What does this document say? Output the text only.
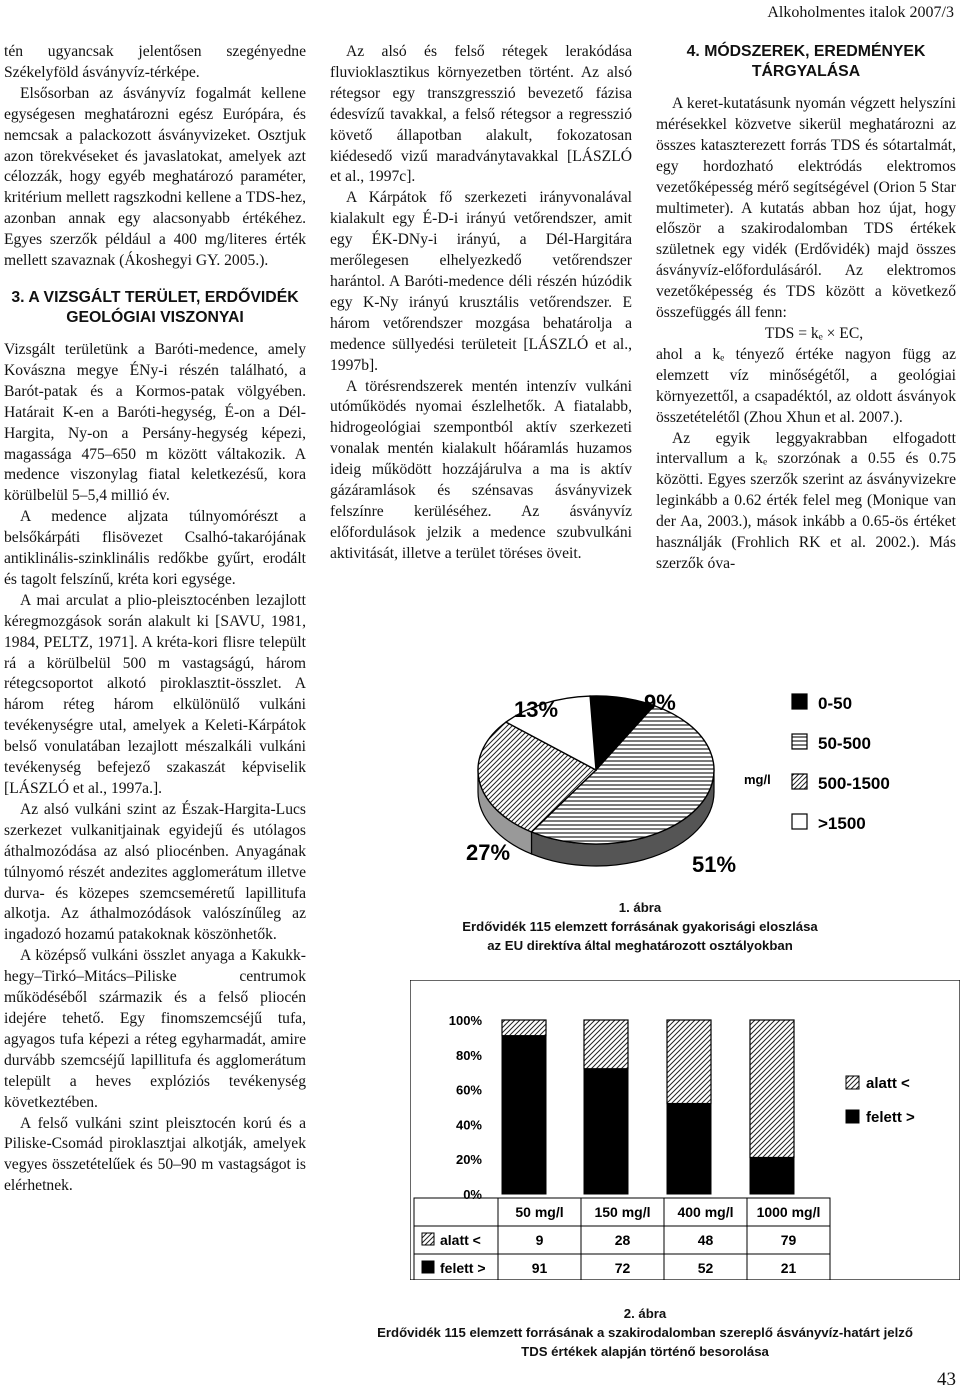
Alkoholmentes italok 2007/3

tén ugyancsak jelentősen szegényedne Székelyföld ásványvíz-térképe.

Elsősorban az ásványvíz fogalmát kellene egységesen meghatározni egész Európára, és nemcsak a palackozott ásványvizeket. Osztjuk azon törekvéseket és javaslatokat, amelyek azt célozzák, hogy egyéb meghatározó paraméter, kritérium mellett ragszkodni kellene a TDS-hez, azonban annak egy alacsonyabb értékéhez. Egyes szerzők például a 400 mg/literes érték mellett szavaznak (Ákoshegyi GY. 2005.).

3. A VIZSGÁLT TERÜLET, ERDŐVIDÉK GEOLÓGIAI VISZONYAI

Vizsgált területünk a Baróti-medence, amely Kovászna megye ÉNy-i részén található, a Barót-patak és a Kormos-patak völgyében. Határait K-en a Baróti-hegység, É-on a Dél-Hargita, Ny-on a Persány-hegység képezi, magassága 475–650 m között váltakozik. A medence viszonylag fiatal keletkezésű, kora körülbelül 5–5,4 millió év.

A medence aljzata túlnyomórészt a belsőkárpáti flisövezet Csalhó-takarójának antiklinális-szinklinális redőkbe gyűrt, erodált és tagolt felszínű, kréta kori egysége.

A mai arculat a plio-pleisztocénben lezajlott kéregmozgások során alakult ki [SAVU, 1981, 1984, PELTZ, 1971]. A kréta-kori flisre települt rá a körülbelül 500 m vastagságú, három rétegcsoportot alkotó piroklasztit-összlet. A három réteg három elkülönülő vulkáni tevékenységre utal, amelyek a Keleti-Kárpátok belső vonulatában lezajlott mészalkáli vulkáni tevékenység befejező szakaszát képviselik [LÁSZLÓ et al., 1997a.].

Az alsó vulkáni szint az Észak-Hargita-Lucs szerkezet vulkanitjainak egyidejű és utólagos áthalmozódása az alsó pliocénben. Anyagának túlnyomó részét andezites agglomerátum illetve durva- és közepes szemcseméretű lapillitufa alkotja. Az áthalmozódások valószínűleg az ingadozó hozamú patakoknak köszönhetők.

A középső vulkáni összlet anyaga a Kakukk-hegy–Tirkó–Mitács–Piliske centrumok működéséből származik és a felső pliocén idejére tehető. Egy finomszemcséjű tufa, agyagos tufa képezi a réteg egyharmadát, amire durvább szemcséjű lapillitufa és agglomerátum települt a heves explóziós tevékenység következtében.

A felső vulkáni szint pleisztocén korú és a Piliske-Csomád piroklasztjai alkotják, amelyek vegyes összetételűek és 50–90 m vastagságot is elérhetnek.

Az alsó és felső rétegek lerakódása fluvioklasztikus környezetben történt. Az alsó rétegsor egy transzgresszió bevezető fázisa édesvízű tavakkal, a felső rétegsor a regresszió követő állapotban alakult, fokozatosan kiédesedő vizű maradványtavakkal [LÁSZLÓ et al., 1997c].

A Kárpátok fő szerkezeti irányvonalával kialakult egy É-D-i irányú vetőrendszer, amit egy ÉK-DNy-i irányú, a Dél-Hargitára merőlegesen elhelyezkedő vetőrendszer harántol. A Baróti-medence déli részén húzódik egy K-Ny irányú krusztális vetőrendszer. E három vetőrendszer mozgása behatárolja a medence süllyedési területeit [LÁSZLÓ et al., 1997b].

A törésrendszerek mentén intenzív vulkáni utóműködés nyomai észlelhetők. A fiatalabb, hidrogeológiai szempontból aktív szerkezeti vonalak mentén kialakult hőáramlás huzamos ideig működött hozzájárulva a ma is aktív gázáramlások és szénsavas ásványvizek felszínre kerüléséhez. Az ásványvíz előfordulások jelzik a medence szubvulkáni aktivitását, illetve a terület töréses öveit.

4. MÓDSZEREK, EREDMÉNYEK TÁRGYALÁSA

A keret-kutatásunk nyomán végzett helyszíni mérésekkel közvetve sikerül meghatározni az összes kataszterezett forrás TDS és sótartalmát, egy hordozható elektródás elektromos vezetőképesség mérő segítségével (Orion 5 Star multimeter). A kutatás abban hoz újat, hogy először a szakirodalomban TDS értékek születnek egy vidék (Erdővidék) majd összes ásványvíz-előfordulásáról. Az elektromos vezetőképesség és TDS között a következő összefüggés áll fenn:

TDS = kₑ × EC,

ahol a kₑ tényező értéke nagyon függ az elemzett víz minőségétől, a geológiai környezettől, a csapadéktól, az oldott ásványok összetételétől (Zhou Xhun et al. 2007.).

Az egyik leggyakrabban elfogadott intervallum a kₑ szorzónak a 0.55 és 0.75 közötti. Egyes szerzők szerint az ásványvizekre leginkább a 0.62 érték felel meg (Monique van der Aa, 2003.), mások inkább a 0.65-ös értéket használják (Frohlich RK et al. 2002.). Más szerzők óva-

9%
51%
27%
13%	0-50
50-500
500-1500
>1500
mg/l
1. ábra
Erdővidék 115 elemzett forrásának gyakorisági eloszlása
az EU direktíva által meghatározott osztályokban
0%
20%
40%
60%
80%
100%
alatt <
felett >
50 mg/l 150 mg/l 400 mg/l 1000 mg/l
alatt <	9	28	48	79
felett >	91	72	52	21
2. ábra
Erdővidék 115 elemzett forrásának a szakirodalomban szereplő ásványvíz-határt jelző
TDS értékek alapján történő besorolása
43
